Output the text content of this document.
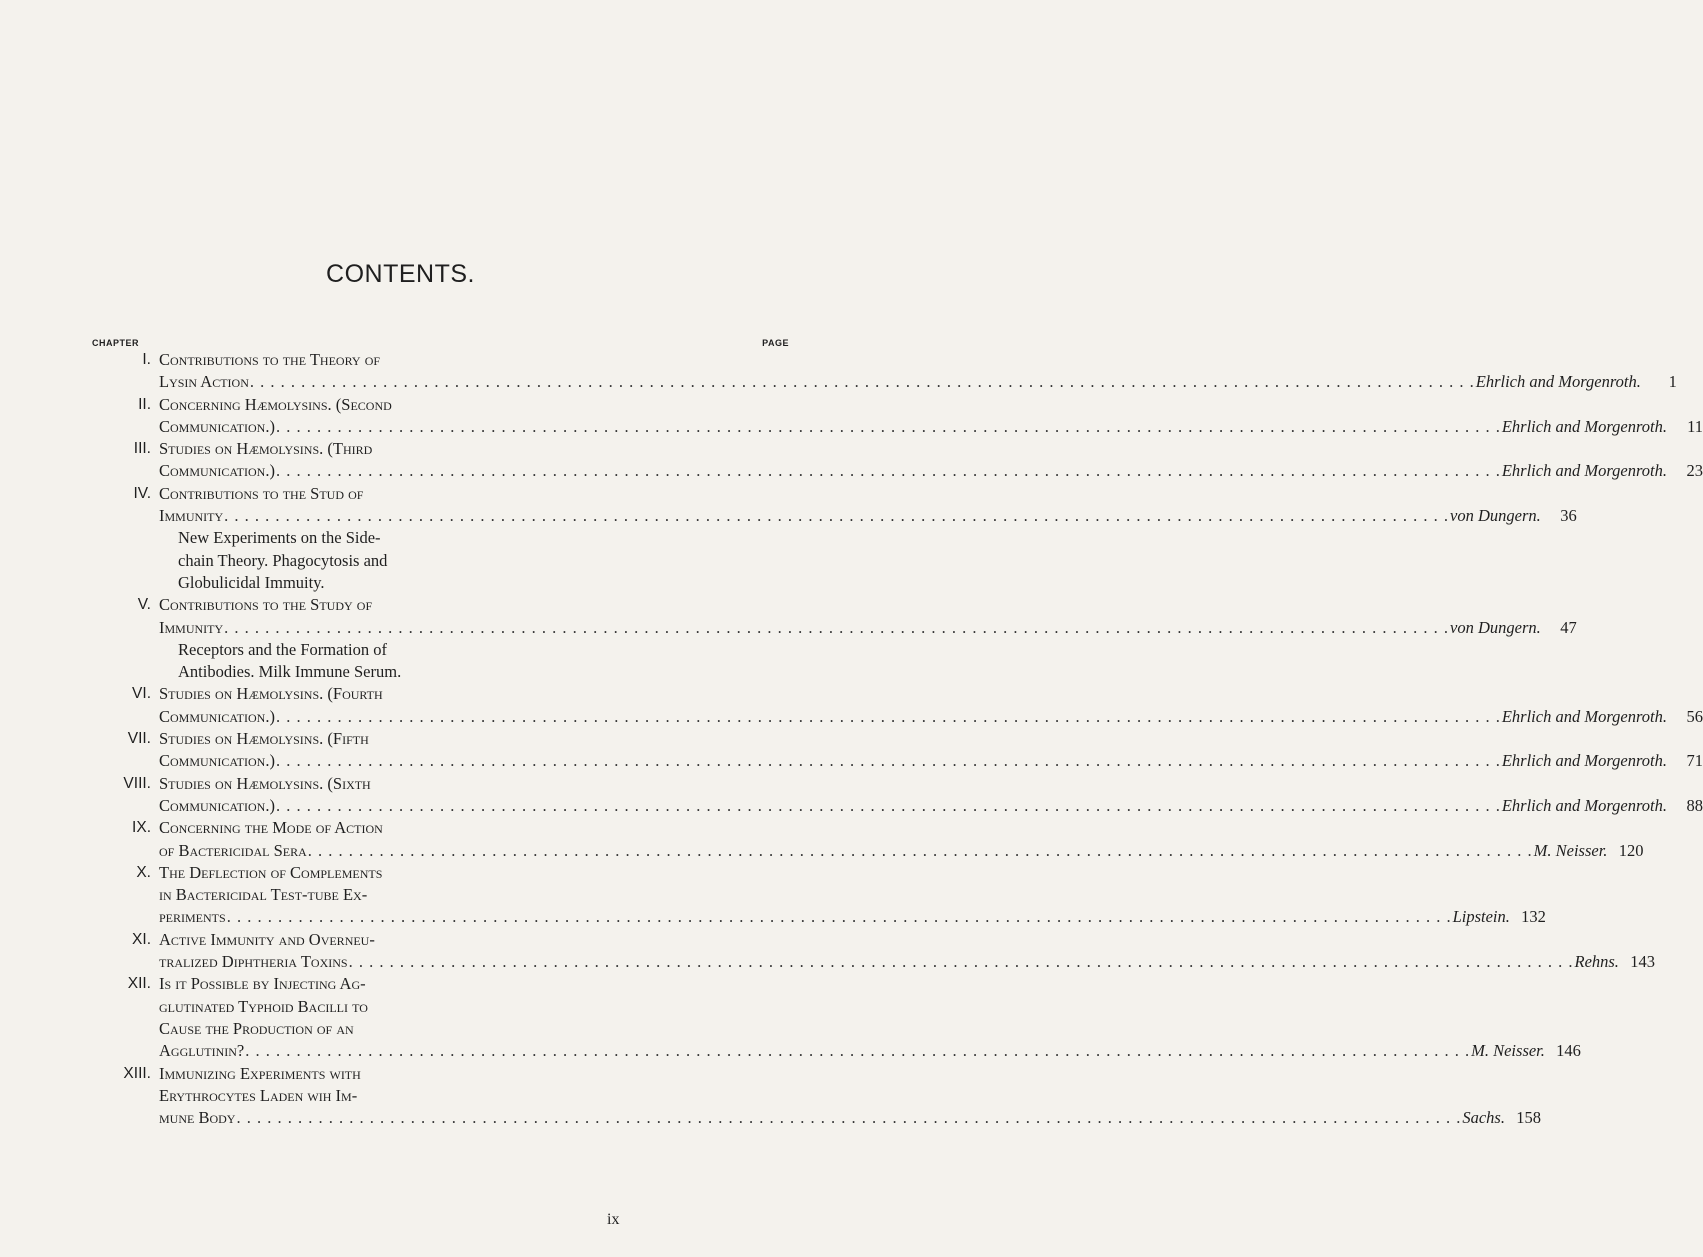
CONTENTS.
CHAPTER	PAGE
I. Contributions to the Theory of
Lysin Action . . . . . . . . . . . . . . . . . . . . . . . . . . . . . . . . . . . . . . . . . . . . . . . . . . . . . . . . . . . . . . . . . . . . . . . . . . . . . . . . . . . . . . . . . . . . . . . . . . . . . . . . . . . . . . . . . . . . . . . . Ehrlich and Morgenroth.	1
II. Concerning Hæmolysins. (Second
Communication.) . . . . . . . . . . . . . . . . . . . . . . . . . . . . . . . . . . . . . . . . . . . . . . . . . . . . . . . . . . . . . . . . . . . . . . . . . . . . . . . . . . . . . . . . . . . . . . . . . . . . . . . . . . . . . . . . . . . . . . . . Ehrlich and Morgenroth.	11
III. Studies on Hæmolysins. (Third
Communication.) . . . . . . . . . . . . . . . . . . . . . . . . . . . . . . . . . . . . . . . . . . . . . . . . . . . . . . . . . . . . . . . . . . . . . . . . . . . . . . . . . . . . . . . . . . . . . . . . . . . . . . . . . . . . . . . . . . . . . . . . Ehrlich and Morgenroth.	23
IV. Contributions to the Stud of
Immunity . . . . . . . . . . . . . . . . . . . . . . . . . . . . . . . . . . . . . . . . . . . . . . . . . . . . . . . . . . . . . . . . . . . . . . . . . . . . . . . . . . . . . . . . . . . . . . . . . . . . . . . . . . . . . . . . . . . . . . . . von Dungern.	36
New Experiments on the Side-
chain Theory. Phagocytosis and
Globulicidal Immuity.
V. Contributions to the Study of
Immunity . . . . . . . . . . . . . . . . . . . . . . . . . . . . . . . . . . . . . . . . . . . . . . . . . . . . . . . . . . . . . . . . . . . . . . . . . . . . . . . . . . . . . . . . . . . . . . . . . . . . . . . . . . . . . . . . . . . . . . . . von Dungern.	47
Receptors and the Formation of
Antibodies. Milk Immune Serum.
VI. Studies on Hæmolysins. (Fourth
Communication.) . . . . . . . . . . . . . . . . . . . . . . . . . . . . . . . . . . . . . . . . . . . . . . . . . . . . . . . . . . . . . . . . . . . . . . . . . . . . . . . . . . . . . . . . . . . . . . . . . . . . . . . . . . . . . . . . . . . . . . . . Ehrlich and Morgenroth.	56
VII. Studies on Hæmolysins. (Fifth
Communication.) . . . . . . . . . . . . . . . . . . . . . . . . . . . . . . . . . . . . . . . . . . . . . . . . . . . . . . . . . . . . . . . . . . . . . . . . . . . . . . . . . . . . . . . . . . . . . . . . . . . . . . . . . . . . . . . . . . . . . . . . Ehrlich and Morgenroth.	71
VIII. Studies on Hæmolysins. (Sixth
Communication.) . . . . . . . . . . . . . . . . . . . . . . . . . . . . . . . . . . . . . . . . . . . . . . . . . . . . . . . . . . . . . . . . . . . . . . . . . . . . . . . . . . . . . . . . . . . . . . . . . . . . . . . . . . . . . . . . . . . . . . . . Ehrlich and Morgenroth.	88
IX. Concerning the Mode of Action
of Bactericidal Sera . . . . . . . . . . . . . . . . . . . . . . . . . . . . . . . . . . . . . . . . . . . . . . . . . . . . . . . . . . . . . . . . . . . . . . . . . . . . . . . . . . . . . . . . . . . . . . . . . . . . . . . . . . . . . . . . . . . . . . . . M. Neisser. 120
X. The Deflection of Complements
in Bactericidal Test-tube Ex-
periments . . . . . . . . . . . . . . . . . . . . . . . . . . . . . . . . . . . . . . . . . . . . . . . . . . . . . . . . . . . . . . . . . . . . . . . . . . . . . . . . . . . . . . . . . . . . . . . . . . . . . . . . . . . . . . . . . . . . . . . . Lipstein. 132
XI. Active Immunity and Overneu-
tralized Diphtheria Toxins . . . . . . . . . . . . . . . . . . . . . . . . . . . . . . . . . . . . . . . . . . . . . . . . . . . . . . . . . . . . . . . . . . . . . . . . . . . . . . . . . . . . . . . . . . . . . . . . . . . . . . . . . . . . . . . . . . . . . . . . Rehns. 143
XII. Is it Possible by Injecting Ag-
glutinated Typhoid Bacilli to
Cause the Production of an
Agglutinin? . . . . . . . . . . . . . . . . . . . . . . . . . . . . . . . . . . . . . . . . . . . . . . . . . . . . . . . . . . . . . . . . . . . . . . . . . . . . . . . . . . . . . . . . . . . . . . . . . . . . . . . . . . . . . . . . . . . . . . . . M. Neisser. 146
XIII. Immunizing Experiments with
Erythrocytes Laden wih Im-
mune Body . . . . . . . . . . . . . . . . . . . . . . . . . . . . . . . . . . . . . . . . . . . . . . . . . . . . . . . . . . . . . . . . . . . . . . . . . . . . . . . . . . . . . . . . . . . . . . . . . . . . . . . . . . . . . . . . . . . . . . . . Sachs. 158
ix
